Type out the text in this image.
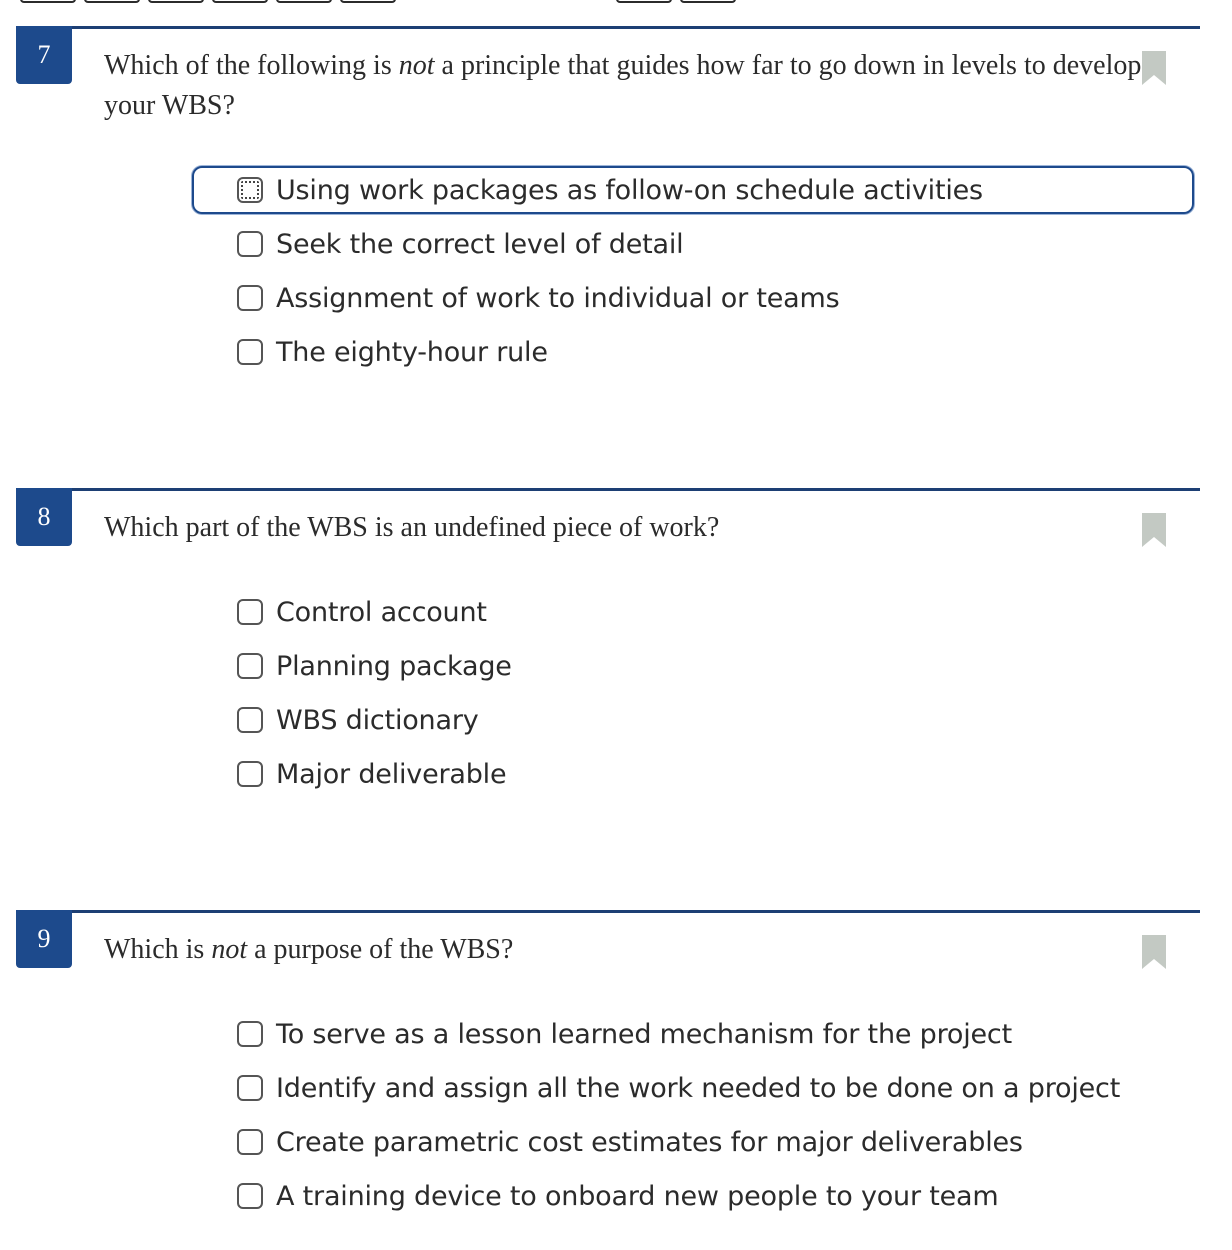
7	Which of the following is not a principle that guides how far to go down in levels to develop your WBS?
Using work packages as follow-on schedule activities
Seek the correct level of detail
Assignment of work to individual or teams
The eighty-hour rule
8	Which part of the WBS is an undefined piece of work?
Control account
Planning package
WBS dictionary
Major deliverable
9	Which is not a purpose of the WBS?
To serve as a lesson learned mechanism for the project
Identify and assign all the work needed to be done on a project
Create parametric cost estimates for major deliverables
A training device to onboard new people to your team
